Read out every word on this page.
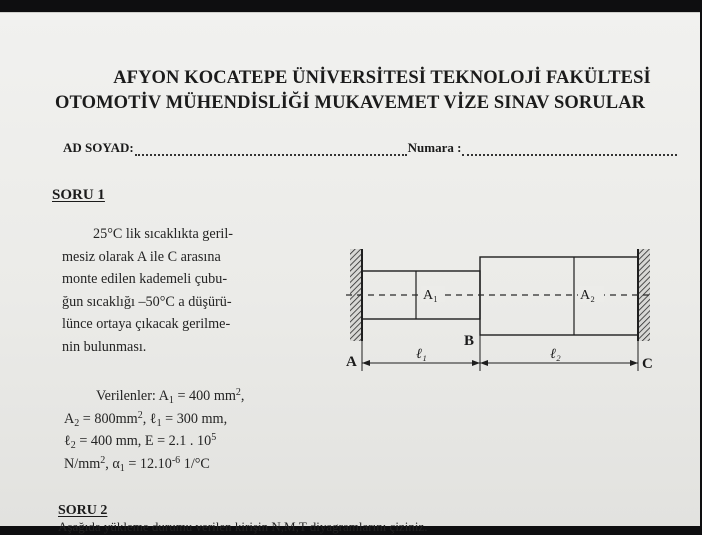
AFYON KOCATEPE ÜNİVERSİTESİ TEKNOLOJİ FAKÜLTESİ
OTOMOTİV MÜHENDİSLİĞİ MUKAVEMET VİZE SINAV SORULAR
AD SOYAD:	Numara :
SORU 1
25°C lik sıcaklıkta geril-
mesiz olarak A ile C arasına
monte edilen kademeli çubu-
ğun sıcaklığı –50°C a düşürü-
lünce ortaya çıkacak gerilme-
nin bulunması.
Verilenler: $A_1 = 400$ $mm^2$,
$A_2 = 800mm^2$, ℓ$_1$ = 300 mm,
ℓ$_2$ = 400 mm, E = 2.1 . $10^5$
$N/mm^2$, $\alpha_1 = 12.10^{-6}$ 1/°C
A₁	A₂
A
B
C
ℓ₁	ℓ₂
SORU 2
Aşağıda yükleme durumu verilen kirişin N,M,T diyagramlarını çiziniz.
